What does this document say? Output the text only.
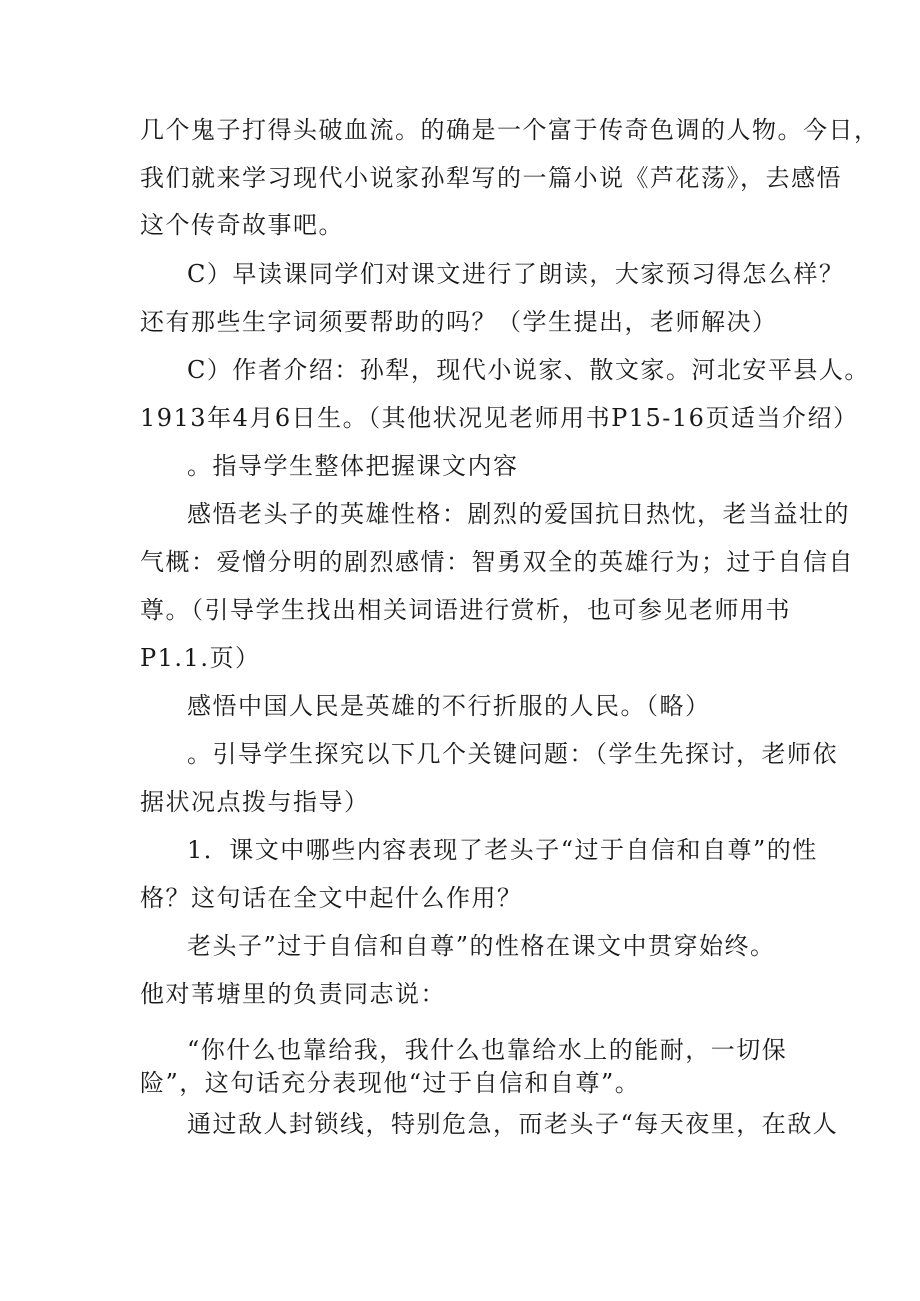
几个鬼子打得头破血流。的确是一个富于传奇色调的人物。今日，
我们就来学习现代小说家孙犁写的一篇小说《芦花荡》，去感悟
这个传奇故事吧。
C）早读课同学们对课文进行了朗读，大家预习得怎么样？
还有那些生字词须要帮助的吗？（学生提出，老师解决）
C）作者介绍：孙犁，现代小说家、散文家。河北安平县人。
1913年4月6日生。（其他状况见老师用书P15-16页适当介绍）
。指导学生整体把握课文内容
感悟老头子的英雄性格：剧烈的爱国抗日热忱，老当益壮的
气概：爱憎分明的剧烈感情：智勇双全的英雄行为；过于自信自
尊。（引导学生找出相关词语进行赏析，也可参见老师用书
P1.1.页）
感悟中国人民是英雄的不行折服的人民。（略）
。引导学生探究以下几个关键问题：（学生先探讨，老师依
据状况点拨与指导）
1．课文中哪些内容表现了老头子“过于自信和自尊”的性
格？这句话在全文中起什么作用？
老头子”过于自信和自尊”的性格在课文中贯穿始终。
他对苇塘里的负责同志说：
“你什么也靠给我，我什么也靠给水上的能耐，一切保
险”，这句话充分表现他“过于自信和自尊”。
通过敌人封锁线，特别危急，而老头子“每天夜里，在敌人
